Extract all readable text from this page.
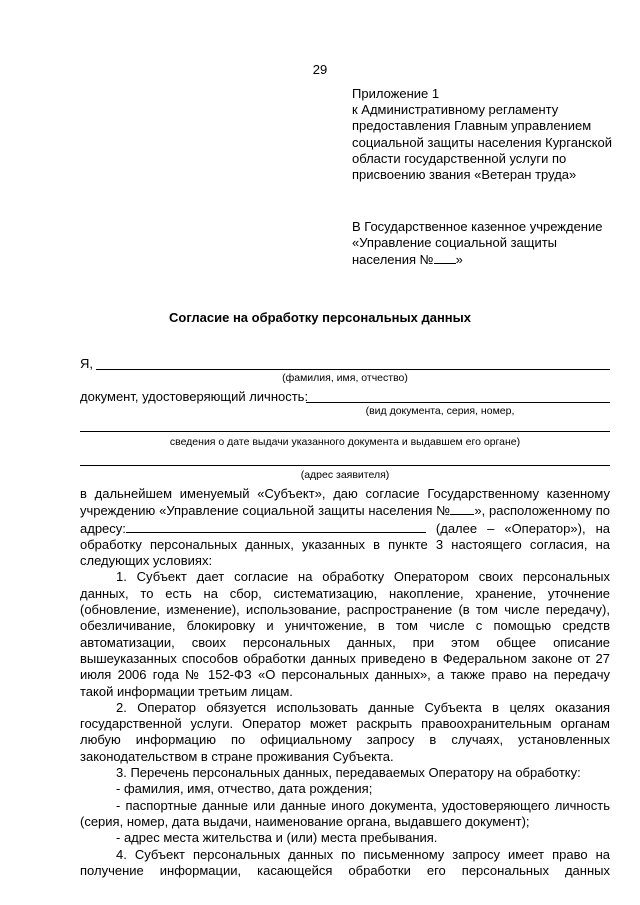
29
Приложение 1
к Административному регламенту
предоставления Главным управлением
социальной защиты населения Курганской
области государственной услуги по
присвоению звания «Ветеран труда»
В Государственное казенное учреждение
«Управление социальной защиты
населения № »
Согласие на обработку персональных данных
Я,
(фамилия, имя, отчество)
документ, удостоверяющий личность:
(вид документа, серия, номер,
сведения о дате выдачи указанного документа и выдавшем его органе)
(адрес заявителя)

в дальнейшем именуемый «Субъект», даю согласие Государственному казенному учреждению «Управление социальной защиты населения № », расположенному по адресу:	(далее – «Оператор»), на обработку персональных данных, указанных в пункте 3 настоящего согласия, на следующих условиях:

1. Субъект дает согласие на обработку Оператором своих персональных данных, то есть на сбор, систематизацию, накопление, хранение, уточнение (обновление, изменение), использование, распространение (в том числе передачу), обезличивание, блокировку и уничтожение, в том числе с помощью средств автоматизации, своих персональных данных, при этом общее описание вышеуказанных способов обработки данных приведено в Федеральном законе от 27 июля 2006 года № 152-ФЗ «О персональных данных», а также право на передачу такой информации третьим лицам.

2. Оператор обязуется использовать данные Субъекта в целях оказания государственной услуги. Оператор может раскрыть правоохранительным органам любую информацию по официальному запросу в случаях, установленных законодательством в стране проживания Субъекта.

3. Перечень персональных данных, передаваемых Оператору на обработку:

- фамилия, имя, отчество, дата рождения;

- паспортные данные или данные иного документа, удостоверяющего личность (серия, номер, дата выдачи, наименование органа, выдавшего документ);

- адрес места жительства и (или) места пребывания.

4. Субъект персональных данных по письменному запросу имеет право на получение информации, касающейся обработки его персональных данных
